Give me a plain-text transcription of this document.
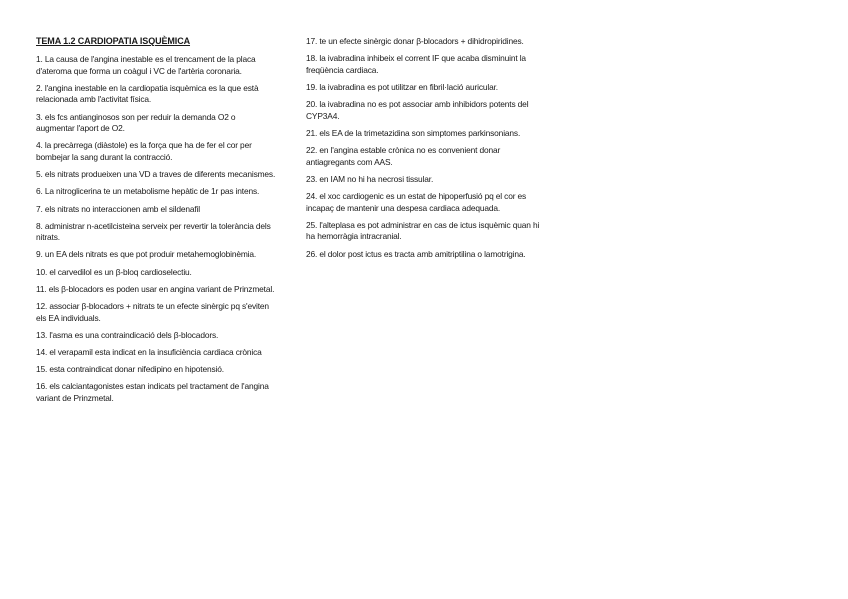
TEMA 1.2 CARDIOPATIA ISQUÈMICA

1. La causa de l'angina inestable es el trencament de la placa d'ateroma que forma un coàgul i VC de l'artèria coronaria.

2. l'angina inestable en la cardiopatia isquèmica es la que està relacionada amb l'activitat física.

3. els fcs antianginosos son per reduir la demanda O2 o augmentar l'aport de O2.

4. la precàrrega (diàstole) es la força que ha de fer el cor per bombejar la sang durant la contracció.

5. els nitrats produeixen una VD a traves de diferents mecanismes.

6. La nitroglicerina te un metabolisme hepàtic de 1r pas intens.

7. els nitrats no interaccionen amb el sildenafil

8. administrar n-acetilcisteina serveix per revertir la tolerància dels nitrats.

9. un EA dels nitrats es que pot produir metahemoglobinèmia.

10. el carvedilol es un β-bloq cardioselectiu.

11. els β-blocadors es poden usar en angina variant de Prinzmetal.

12. associar β-blocadors + nitrats te un efecte sinèrgic pq s'eviten els EA individuals.

13. l'asma es una contraindicació dels β-blocadors.

14. el verapamil esta indicat en la insuficiència cardiaca crònica

15. esta contraindicat donar nifedipino en hipotensió.

16. els calciantagonistes estan indicats pel tractament de l'angina variant de Prinzmetal.

17. te un efecte sinèrgic donar β-blocadors + dihidropiridines.

18. la ivabradina inhibeix el corrent IF que acaba disminuint la freqüència cardiaca.

19. la ivabradina es pot utilitzar en fibril·lació auricular.

20. la ivabradina no es pot associar amb inhibidors potents del CYP3A4.

21. els EA de la trimetazidina son simptomes parkinsonians.

22. en l'angina estable crònica no es convenient donar antiagregants com AAS.

23. en IAM no hi ha necrosi tissular.

24. el xoc cardiogenic es un estat de hipoperfusió pq el cor es incapaç de mantenir una despesa cardiaca adequada.

25. l'alteplasa es pot administrar en cas de ictus isquèmic quan hi ha hemorràgia intracranial.

26. el dolor post ictus es tracta amb amitriptilina o lamotrigina.
